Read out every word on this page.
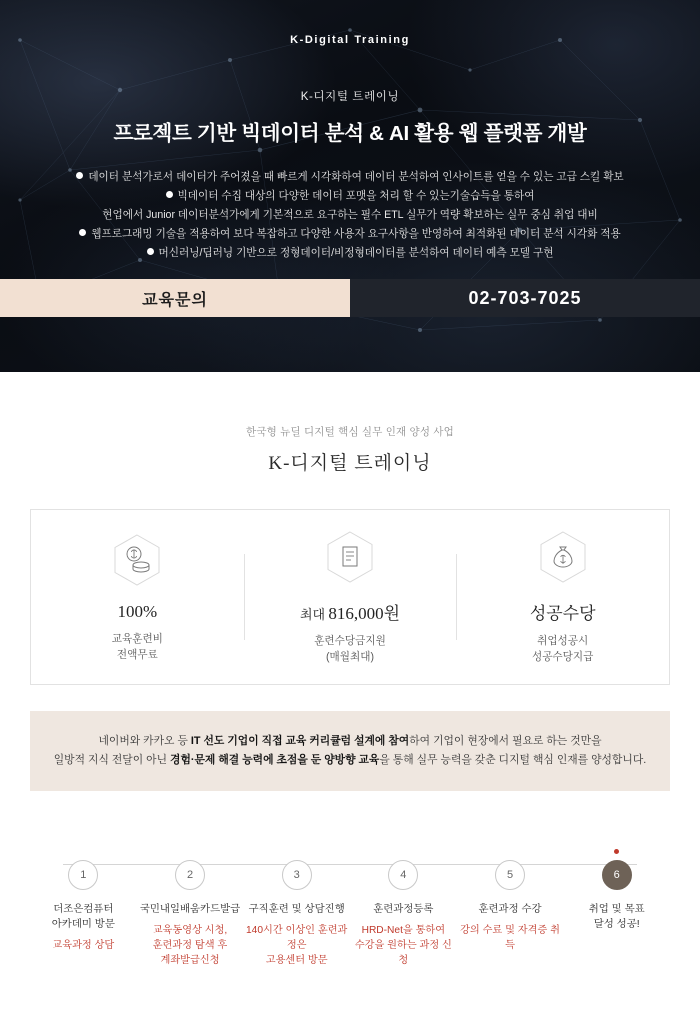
K-Digital Training
K-디지털 트레이닝
프로젝트 기반 빅데이터 분석 & AI 활용 웹 플랫폼 개발
데이터 분석가로서 데이터가 주어졌을 때 빠르게 시각화하여 데이터 분석하여 인사이트를 얻을 수 있는 고급 스킬 확보
빅데이터 수집 대상의 다양한 데이터 포맷을 처리 할 수 있는기술습득을 통하여
현업에서 Junior 데이터분석가에게 기본적으로 요구하는 필수 ETL 실무가 역량 확보하는 실무 중심 취업 대비
웹프로그래밍 기술을 적용하여 보다 복잡하고 다양한 사용자 요구사항을 반영하여 최적화된 데이터 분석 시각화 적용
머신러닝/딥러닝 기반으로 정형데이터/비정형데이터를 분석하여 데이터 예측 모델 구현
교육문의	02-703-7025
한국형 뉴딜 디지털 핵심 실무 인재 양성 사업
K-디지털 트레이닝
100%
교육훈련비
전액무료
최대 816,000원
훈련수당금지원
(매월최대)
성공수당
취업성공시
성공수당지급
네이버와 카카오 등 IT 선도 기업이 직접 교육 커리큘럼 설계에 참여하여 기업이 현장에서 필요로 하는 것만을
일방적 지식 전달이 아닌 경험·문제 해결 능력에 초점을 둔 양방향 교육을 통해 실무 능력을 갖춘 디지털 핵심 인재를 양성합니다.
1
더조은컴퓨터
아카데미 방문
교육과정 상담
2
국민내일배움카드발급
교육동영상 시청,
훈련과정 탐색 후
계좌발급신청
3
구직훈련 및 상담진행
140시간 이상인 훈련과정은
고용센터 방문
4
훈련과정등록
HRD-Net을 통하여
수강을 원하는 과정 신청
5
훈련과정 수강
강의 수료 및 자격증 취득
6
취업 및 목표
달성 성공!
